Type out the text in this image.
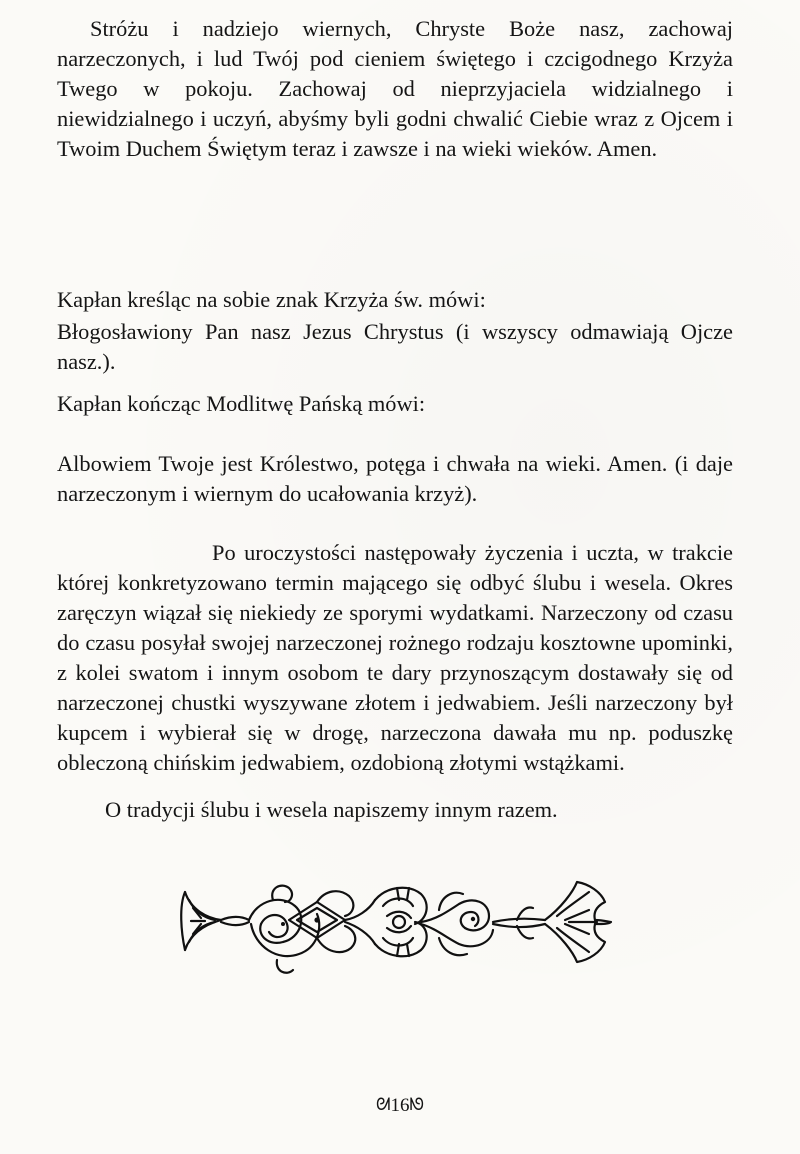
Stróżu i nadziejo wiernych, Chryste Boże nasz, zachowaj narzeczonych, i lud Twój pod cieniem świętego i czcigodnego Krzyża Twego w pokoju. Zachowaj od nieprzyjaciela widzialnego i niewidzialnego i uczyń, abyśmy byli godni chwalić Ciebie wraz z Ojcem i Twoim Duchem Świętym teraz i zawsze i na wieki wieków. Amen.

Kapłan kreśląc na sobie znak Krzyża św. mówi:

Błogosławiony Pan nasz Jezus Chrystus (i wszyscy odmawiają Ojcze nasz.).

Kapłan kończąc Modlitwę Pańską mówi:

Albowiem Twoje jest Królestwo, potęga i chwała na wieki. Amen. (i daje narzeczonym i wiernym do ucałowania krzyż).

Po uroczystości następowały życzenia i uczta, w trakcie której konkretyzowano termin mającego się odbyć ślubu i wesela. Okres zaręczyn wiązał się niekiedy ze sporymi wydatkami. Narzeczony od czasu do czasu posyłał swojej narzeczonej rożnego rodzaju kosztowne upominki, z kolei swatom i innym osobom te dary przynoszącym dostawały się od narzeczonej chustki wyszywane złotem i jedwabiem. Jeśli narzeczony był kupcem i wybierał się w drogę, narzeczona dawała mu np. poduszkę obleczoną chińskim jedwabiem, ozdobioną złotymi wstążkami.

O tradycji ślubu i wesela napiszemy innym razem.

ᘛ16ᘚ
